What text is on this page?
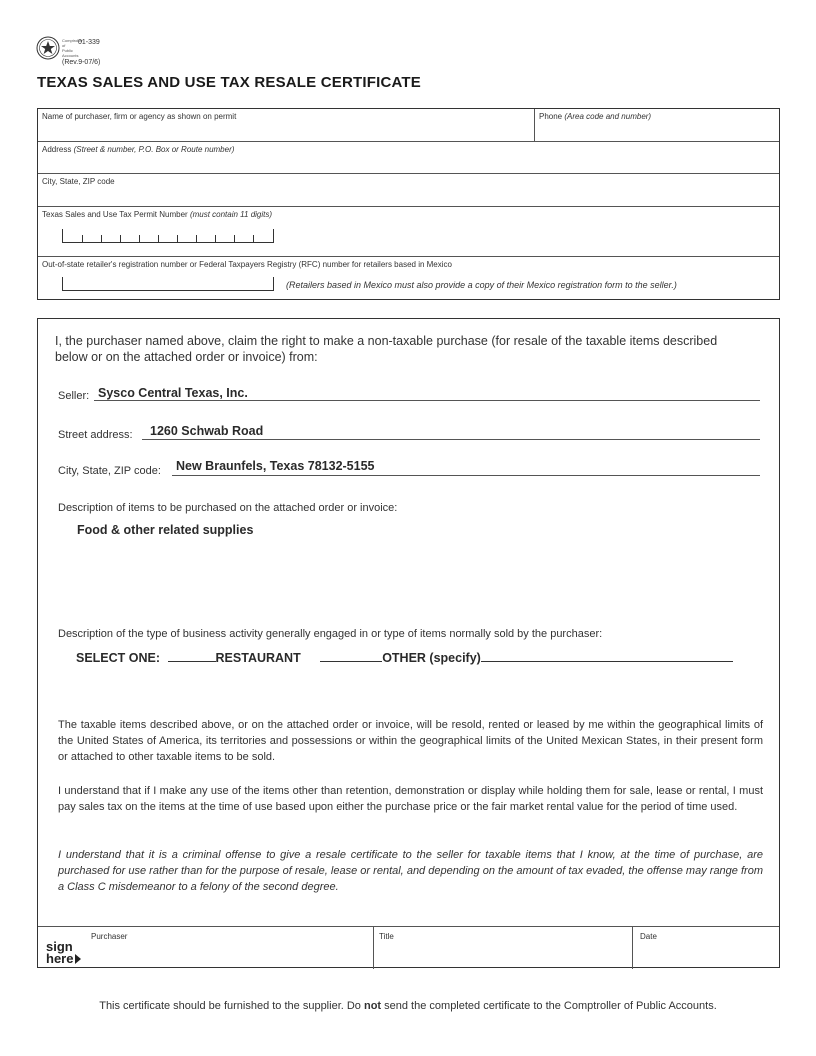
Comptroller of Public Accounts
01-339
(Rev.9-07/6)
TEXAS SALES AND USE TAX RESALE CERTIFICATE
Name of purchaser, firm or agency as shown on permit	Phone (Area code and number)
Address (Street & number, P.O. Box or Route number)
City, State, ZIP code
Texas Sales and Use Tax Permit Number (must contain 11 digits)
Out-of-state retailer's registration number or Federal Taxpayers Registry (RFC) number for retailers based in Mexico
(Retailers based in Mexico must also provide a copy of their Mexico registration form to the seller.)
I, the purchaser named above, claim the right to make a non-taxable purchase (for resale of the taxable items described below or on the attached order or invoice) from:
Seller: Sysco Central Texas, Inc.
Street address: 1260 Schwab Road
City, State, ZIP code: New Braunfels, Texas 78132-5155
Description of items to be purchased on the attached order or invoice:
Food & other related supplies
Description of the type of business activity generally engaged in or type of items normally sold by the purchaser:
SELECT ONE:	RESTAURANT	OTHER (specify)
The taxable items described above, or on the attached order or invoice, will be resold, rented or leased by me within the geographical limits of the United States of America, its territories and possessions or within the geographical limits of the United Mexican States, in their present form or attached to other taxable items to be sold.
I understand that if I make any use of the items other than retention, demonstration or display while holding them for sale, lease or rental, I must pay sales tax on the items at the time of use based upon either the purchase price or the fair market rental value for the period of time used.
I understand that it is a criminal offense to give a resale certificate to the seller for taxable items that I know, at the time of purchase, are purchased for use rather than for the purpose of resale, lease or rental, and depending on the amount of tax evaded, the offense may range from a Class C misdemeanor to a felony of the second degree.
sign
here
Purchaser	Title	Date
This certificate should be furnished to the supplier. Do not send the completed certificate to the Comptroller of Public Accounts.
